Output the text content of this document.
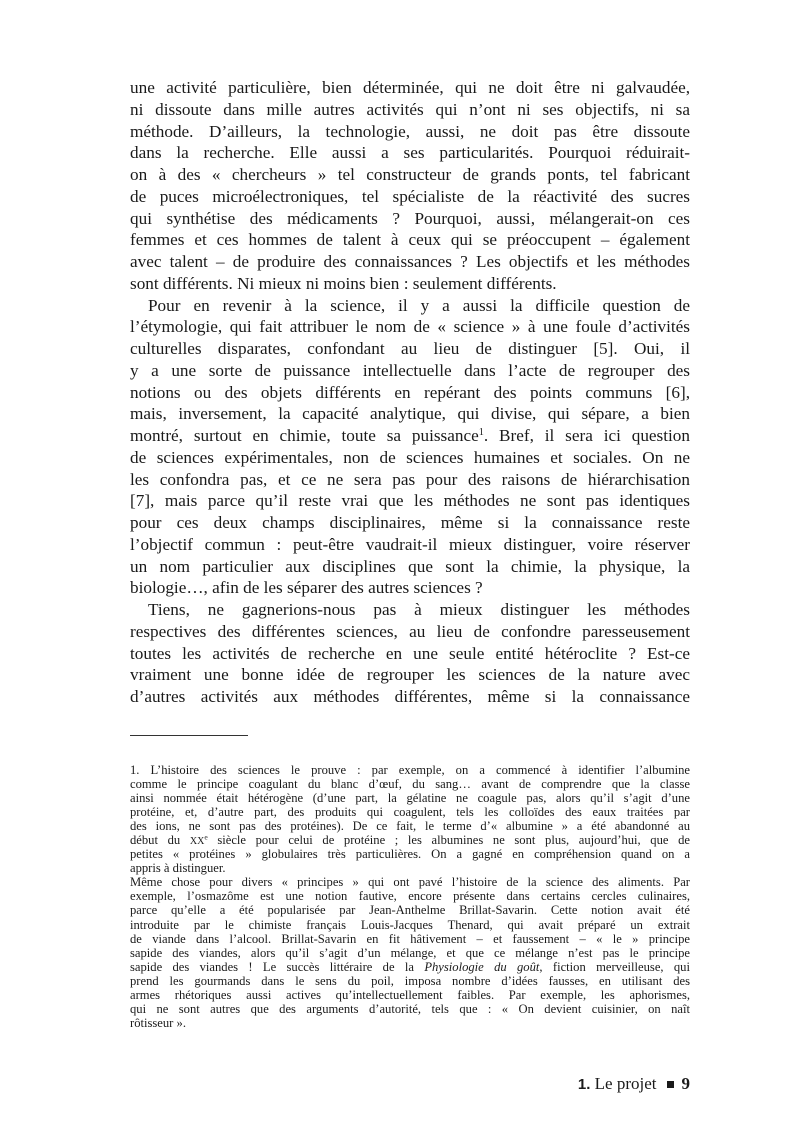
une activité particulière, bien déterminée, qui ne doit être ni galvaudée,
ni dissoute dans mille autres activités qui n’ont ni ses objectifs, ni sa
méthode. D’ailleurs, la technologie, aussi, ne doit pas être dissoute
dans la recherche. Elle aussi a ses particularités. Pourquoi réduirait-
on à des « chercheurs » tel constructeur de grands ponts, tel fabricant
de puces microélectroniques, tel spécialiste de la réactivité des sucres
qui synthétise des médicaments ? Pourquoi, aussi, mélangerait-on ces
femmes et ces hommes de talent à ceux qui se préoccupent – également
avec talent – de produire des connaissances ? Les objectifs et les méthodes
sont différents. Ni mieux ni moins bien : seulement différents.
Pour en revenir à la science, il y a aussi la difficile question de
l’étymologie, qui fait attribuer le nom de « science » à une foule d’activités
culturelles disparates, confondant au lieu de distinguer [5]. Oui, il
y a une sorte de puissance intellectuelle dans l’acte de regrouper des
notions ou des objets différents en repérant des points communs [6],
mais, inversement, la capacité analytique, qui divise, qui sépare, a bien
montré, surtout en chimie, toute sa puissance$^1$. Bref, il sera ici question
de sciences expérimentales, non de sciences humaines et sociales. On ne
les confondra pas, et ce ne sera pas pour des raisons de hiérarchisation
[7], mais parce qu’il reste vrai que les méthodes ne sont pas identiques
pour ces deux champs disciplinaires, même si la connaissance reste
l’objectif commun : peut-être vaudrait-il mieux distinguer, voire réserver
un nom particulier aux disciplines que sont la chimie, la physique, la
biologie…, afin de les séparer des autres sciences ?
Tiens, ne gagnerions-nous pas à mieux distinguer les méthodes
respectives des différentes sciences, au lieu de confondre paresseusement
toutes les activités de recherche en une seule entité hétéroclite ? Est-ce
vraiment une bonne idée de regrouper les sciences de la nature avec
d’autres activités aux méthodes différentes, même si la connaissance
1. L’histoire des sciences le prouve : par exemple, on a commencé à identifier l’albumine
comme le principe coagulant du blanc d’œuf, du sang… avant de comprendre que la classe
ainsi nommée était hétérogène (d’une part, la gélatine ne coagule pas, alors qu’il s’agit d’une
protéine, et, d’autre part, des produits qui coagulent, tels les colloïdes des eaux traitées par
des ions, ne sont pas des protéines). De ce fait, le terme d’« albumine » a été abandonné au
début du XXe siècle pour celui de protéine ; les albumines ne sont plus, aujourd’hui, que de
petites « protéines » globulaires très particulières. On a gagné en compréhension quand on a
appris à distinguer.
Même chose pour divers « principes » qui ont pavé l’histoire de la science des aliments. Par
exemple, l’osmazôme est une notion fautive, encore présente dans certains cercles culinaires,
parce qu’elle a été popularisée par Jean-Anthelme Brillat-Savarin. Cette notion avait été
introduite par le chimiste français Louis-Jacques Thenard, qui avait préparé un extrait
de viande dans l’alcool. Brillat-Savarin en fit hâtivement – et faussement – « le » principe
sapide des viandes, alors qu’il s’agit d’un mélange, et que ce mélange n’est pas le principe
sapide des viandes ! Le succès littéraire de la Physiologie du goût, fiction merveilleuse, qui
prend les gourmands dans le sens du poil, imposa nombre d’idées fausses, en utilisant des
armes rhétoriques aussi actives qu’intellectuellement faibles. Par exemple, les aphorismes,
qui ne sont autres que des arguments d’autorité, tels que : « On devient cuisinier, on naît
rôtisseur ».
1. Le projet 9
